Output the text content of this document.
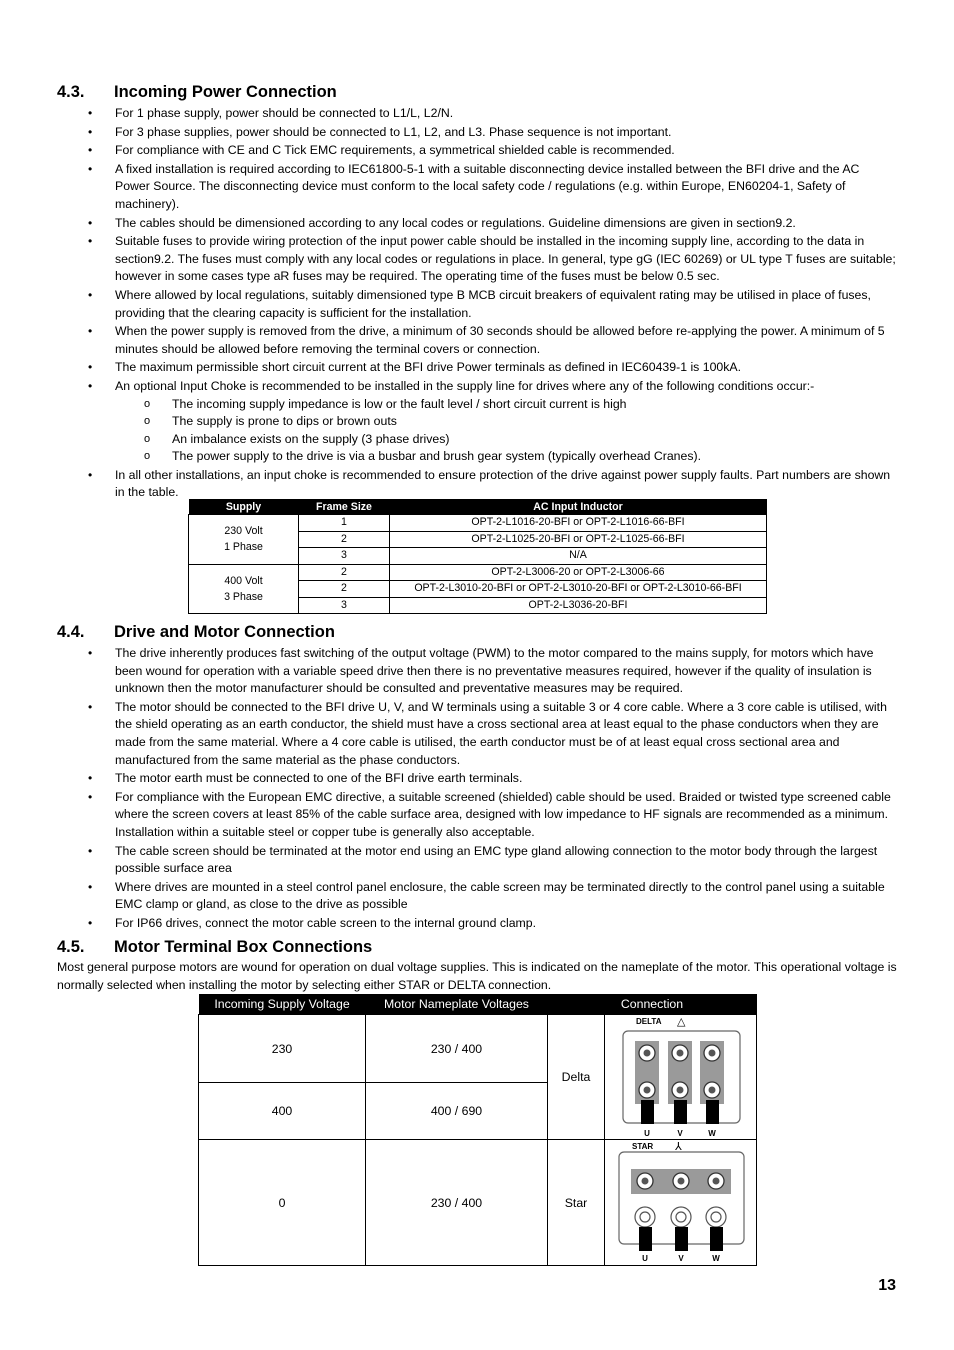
4.3. Incoming Power Connection
• For 1 phase supply, power should be connected to L1/L, L2/N.
• For 3 phase supplies, power should be connected to L1, L2, and L3. Phase sequence is not important.
• For compliance with CE and C Tick EMC requirements, a symmetrical shielded cable is recommended.
• A fixed installation is required according to IEC61800-5-1 with a suitable disconnecting device installed between the BFI drive and the AC Power Source. The disconnecting device must conform to the local safety code / regulations (e.g. within Europe, EN60204-1, Safety of machinery).
• The cables should be dimensioned according to any local codes or regulations. Guideline dimensions are given in section9.2.
• Suitable fuses to provide wiring protection of the input power cable should be installed in the incoming supply line, according to the data in section9.2. The fuses must comply with any local codes or regulations in place. In general, type gG (IEC 60269) or UL type T fuses are suitable; however in some cases type aR fuses may be required. The operating time of the fuses must be below 0.5 sec.
• Where allowed by local regulations, suitably dimensioned type B MCB circuit breakers of equivalent rating may be utilised in place of fuses, providing that the clearing capacity is sufficient for the installation.
• When the power supply is removed from the drive, a minimum of 30 seconds should be allowed before re-applying the power. A minimum of 5 minutes should be allowed before removing the terminal covers or connection.
• The maximum permissible short circuit current at the BFI drive Power terminals as defined in IEC60439-1 is 100kA.
• An optional Input Choke is recommended to be installed in the supply line for drives where any of the following conditions occur:-
o The incoming supply impedance is low or the fault level / short circuit current is high
o The supply is prone to dips or brown outs
o An imbalance exists on the supply (3 phase drives)
o The power supply to the drive is via a busbar and brush gear system (typically overhead Cranes).
• In all other installations, an input choke is recommended to ensure protection of the drive against power supply faults. Part numbers are shown in the table.
Supply	Frame Size	AC Input Inductor
230 Volt
1 Phase	1	OPT-2-L1016-20-BFI or OPT-2-L1016-66-BFI
	2	OPT-2-L1025-20-BFI or OPT-2-L1025-66-BFI
	3	N/A
400 Volt
3 Phase	2	OPT-2-L3006-20 or OPT-2-L3006-66
	2	OPT-2-L3010-20-BFI or OPT-2-L3010-20-BFI or OPT-2-L3010-66-BFI
	3	OPT-2-L3036-20-BFI
4.4. Drive and Motor Connection
• The drive inherently produces fast switching of the output voltage (PWM) to the motor compared to the mains supply, for motors which have been wound for operation with a variable speed drive then there is no preventative measures required, however if the quality of insulation is unknown then the motor manufacturer should be consulted and preventative measures may be required.
• The motor should be connected to the BFI drive U, V, and W terminals using a suitable 3 or 4 core cable. Where a 3 core cable is utilised, with the shield operating as an earth conductor, the shield must have a cross sectional area at least equal to the phase conductors when they are made from the same material. Where a 4 core cable is utilised, the earth conductor must be of at least equal cross sectional area and manufactured from the same material as the phase conductors.
• The motor earth must be connected to one of the BFI drive earth terminals.
• For compliance with the European EMC directive, a suitable screened (shielded) cable should be used. Braided or twisted type screened cable where the screen covers at least 85% of the cable surface area, designed with low impedance to HF signals are recommended as a minimum. Installation within a suitable steel or copper tube is generally also acceptable.
• The cable screen should be terminated at the motor end using an EMC type gland allowing connection to the motor body through the largest possible surface area
• Where drives are mounted in a steel control panel enclosure, the cable screen may be terminated directly to the control panel using a suitable EMC clamp or gland, as close to the drive as possible
• For IP66 drives, connect the motor cable screen to the internal ground clamp.
4.5. Motor Terminal Box Connections
Most general purpose motors are wound for operation on dual voltage supplies. This is indicated on the nameplate of the motor. This operational voltage is normally selected when installing the motor by selecting either STAR or DELTA connection.
Incoming Supply Voltage	Motor Nameplate Voltages	Connection	
230	230 / 400	Delta	DELTA △
U V W

400	400 / 690		
0	230 / 400	Star	STAR ⅄
U V W
13
